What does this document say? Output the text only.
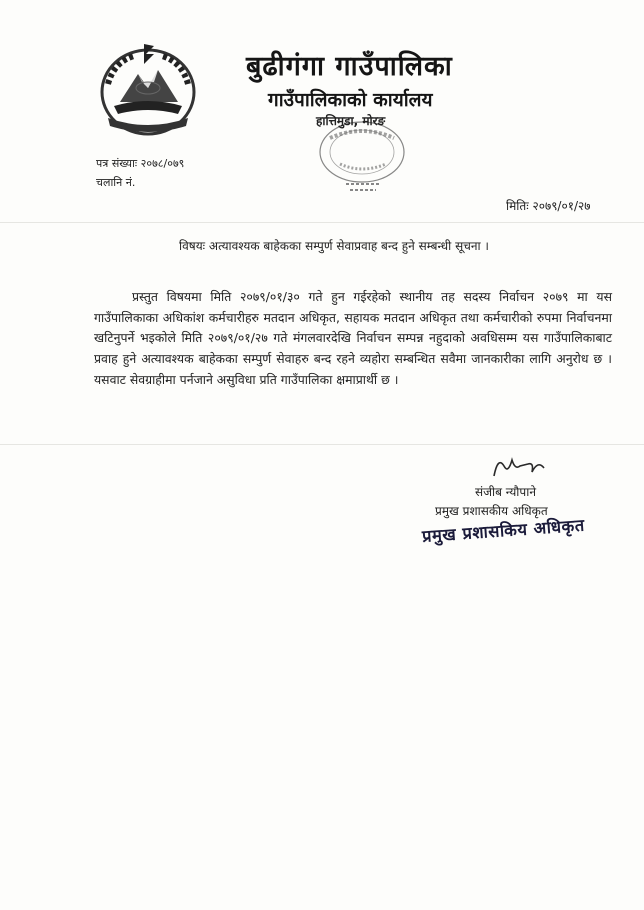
बुढीगंगा गाउँपालिका
गाउँपालिकाको कार्यालय
हात्तिमुडा, मोरङ
पत्र संख्याः २०७८/०७९
चलानि नं.
मितिः २०७९/०१/२७
विषयः अत्यावश्यक बाहेकका सम्पुर्ण सेवाप्रवाह बन्द हुने सम्बन्धी सूचना ।
प्रस्तुत विषयमा मिति २०७९/०१/३० गते हुन गईरहेको स्थानीय तह सदस्य निर्वाचन २०७९ मा यस गाउँपालिकाका अधिकांश कर्मचारीहरु मतदान अधिकृत, सहायक मतदान अधिकृत तथा कर्मचारीको रुपमा निर्वाचनमा खटिनुपर्ने भइकोले मिति २०७९/०१/२७ गते मंगलवारदेखि निर्वाचन सम्पन्न नहुदाको अवधिसम्म यस गाउँपालिकाबाट प्रवाह हुने अत्यावश्यक बाहेकका सम्पुर्ण सेवाहरु बन्द रहने व्यहोरा सम्बन्धित सवैमा जानकारीका लागि अनुरोध छ । यसवाट सेवग्राहीमा पर्नजाने असुविधा प्रति गाउँपालिका क्षमाप्रार्थी छ ।
संजीब न्यौपाने
प्रमुख प्रशासकीय अधिकृत
प्रमुख प्रशासकिय अधिकृत
